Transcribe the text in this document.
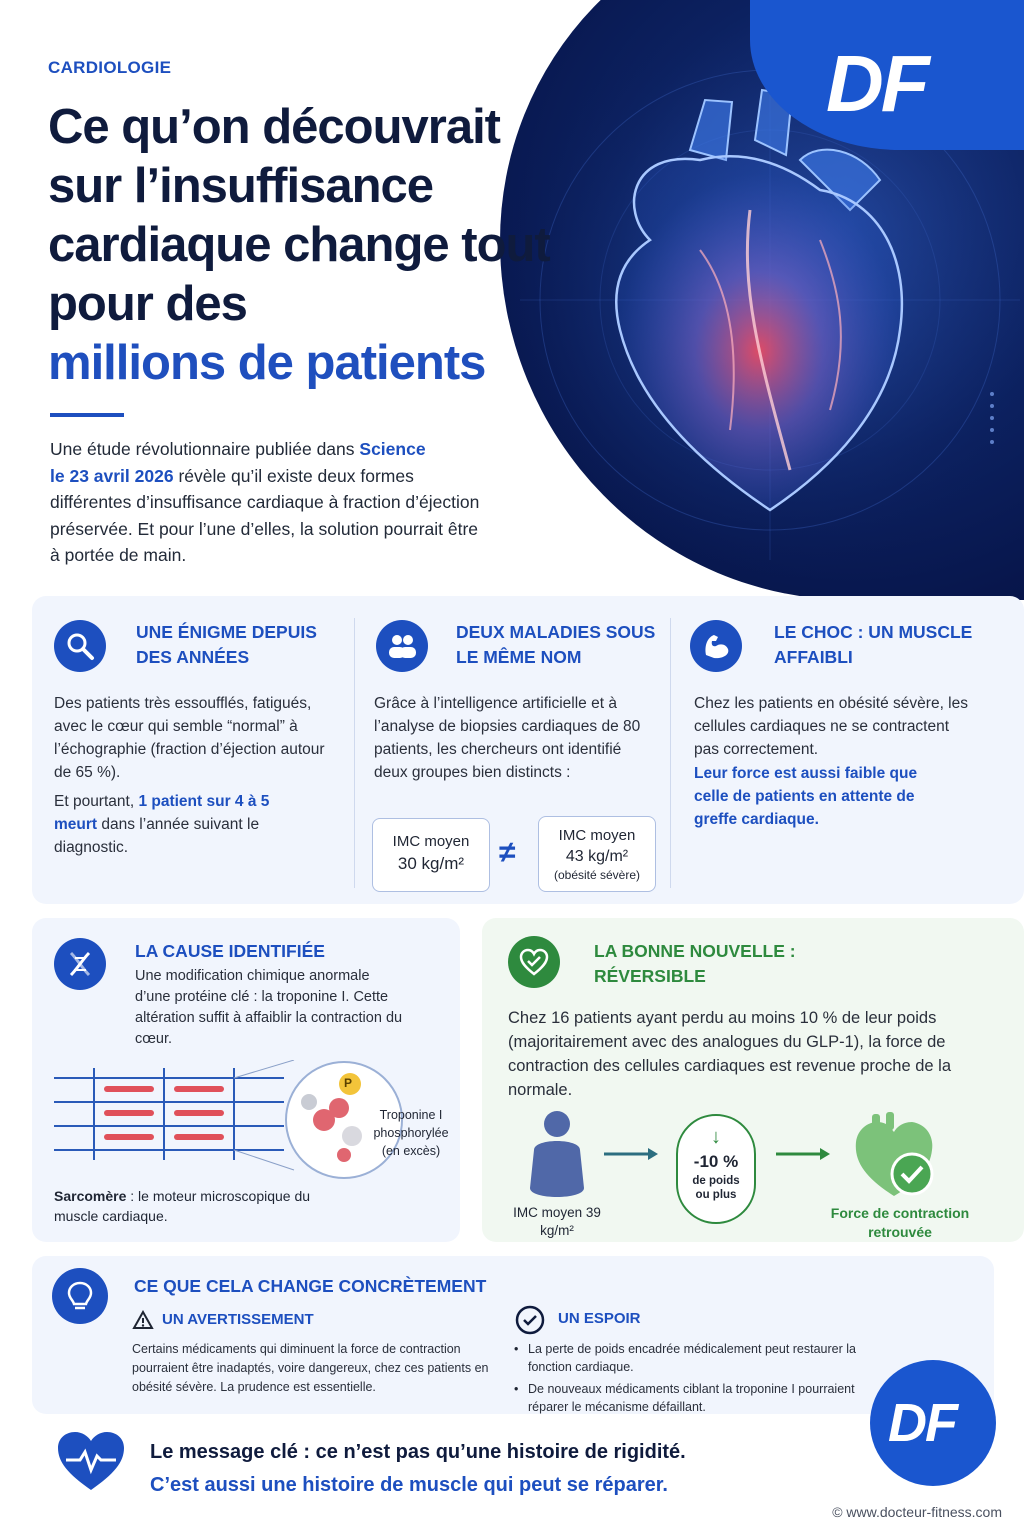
DF
CARDIOLOGIE
Ce qu’on découvrait sur l’insuffisance cardiaque change tout pour des
millions de patients

Une étude révolutionnaire publiée dans Science
le 23 avril 2026 révèle qu’il existe deux formes différentes d’insuffisance cardiaque à fraction d’éjection préservée. Et pour l’une d’elles, la solution pourrait être à portée de main.

UNE ÉNIGME DEPUIS DES ANNÉES

Des patients très essoufflés, fatigués, avec le cœur qui semble “normal” à l’échographie (fraction d’éjection autour de 65 %).

Et pourtant, 1 patient sur 4 à 5 meurt dans l’année suivant le diagnostic.

DEUX MALADIES SOUS LE MÊME NOM

Grâce à l’intelligence artificielle et à l’analyse de biopsies cardiaques de 80 patients, les chercheurs ont identifié deux groupes bien distincts :

IMC moyen
30 kg/m²	≠
IMC moyen
43 kg/m²
(obésité sévère)
LE CHOC : UN MUSCLE AFFAIBLI

Chez les patients en obésité sévère, les cellules cardiaques ne se contractent pas correctement.

Leur force est aussi faible que celle de patients en attente de greffe cardiaque.

LA CAUSE IDENTIFIÉE

Une modification chimique anormale d’une protéine clé : la troponine I. Cette altération suffit à affaiblir la contraction du cœur.

P
Troponine I phosphorylée (en excès)

Sarcomère : le moteur microscopique du muscle cardiaque.

LA BONNE NOUVELLE : RÉVERSIBLE

Chez 16 patients ayant perdu au moins 10 % de leur poids (majoritairement avec des analogues du GLP-1), la force de contraction des cellules cardiaques est revenue proche de la normale.

IMC moyen 39 kg/m²
↓
-10 %
de poids ou plus
Force de contraction retrouvée
CE QUE CELA CHANGE CONCRÈTEMENT
UN AVERTISSEMENT

Certains médicaments qui diminuent la force de contraction pourraient être inadaptés, voire dangereux, chez ces patients en obésité sévère. La prudence est essentielle.

UN ESPOIR
• La perte de poids encadrée médicalement peut restaurer la fonction cardiaque.
• De nouveaux médicaments ciblant la troponine I pourraient réparer le mécanisme défaillant.	DF
Le message clé : ce n’est pas qu’une histoire de rigidité.
C’est aussi une histoire de muscle qui peut se réparer.
© www.docteur-fitness.com
